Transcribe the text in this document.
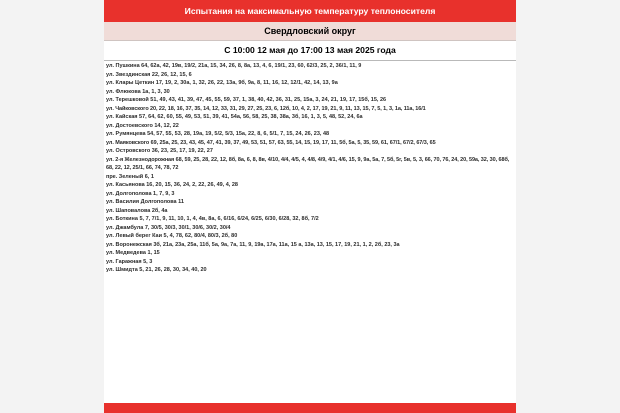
Испытания на максимальную температуру теплоносителя
Свердловский округ
С 10:00 12 мая до 17:00 13 мая 2025 года
ул. Пушкина 64, 62а, 42, 19в, 19/2, 21а, 15, 34, 26, 8, 8а, 13, 4, 6, 19/1, 23, 60, 62/3, 25, 2, 36/1, 11, 9
ул. Звездинская 22, 26, 12, 15, 6
ул. Клары Цеткин 17, 19, 2, 30а, 1, 32, 26, 22, 13а, 9б, 9а, 8, 11, 16, 12, 12/1, 42, 14, 13, 9а
ул. Флюкова 1а, 1, 3, 30
ул. Терешковой 51, 49, 43, 41, 39, 47, 45, 55, 59, 37, 1, 38, 40, 42, 36, 31, 25, 15а, 3, 24, 21, 19, 17, 15б, 15, 26
ул. Чайковского 20, 22, 18, 16, 37, 35, 14, 12, 33, 31, 29, 27, 25, 23, 6, 12б, 10, 4, 2, 17, 19, 21, 9, 11, 13, 15, 7, 5, 1, 3, 1а, 11а, 16/1
ул. Кайская 57, 64, 62, 60, 55, 49, 53, 51, 39, 41, 54а, 56, 58, 25, 38, 38а, 3б, 16, 1, 3, 5, 48, 52, 24, 6а
ул. Достоевского 14, 12, 22
ул. Румянцева 54, 57, 55, 53, 28, 19а, 19, 5/2, 5/3, 15а, 22, 8, 6, 5/1, 7, 15, 24, 26, 23, 48
ул. Маяковского 69, 25а, 25, 23, 43, 45, 47, 41, 39, 37, 49, 53, 51, 57, 63, 55, 14, 15, 19, 17, 11, 5б, 5а, 5, 35, 59, 61, 67/1, 67/2, 67/3, 65
ул. Островского 36, 23, 25, 17, 19, 22, 27
ул. 2-я Железнодорожная 68, 59, 25, 28, 22, 12, 8б, 8а, 6, 8, 8в, 4/10, 4/4, 4/5, 4, 4/8, 4/9, 4/1, 4/6, 15, 9, 9а, 5а, 7, 5б, 5г, 5в, 5, 3, 66, 70, 76, 24, 20, 59а, 32, 30, 68б, 68, 22, 12, 25/1, 66, 74, 78, 72
пре. Зеленый 6, 1
ул. Касьянова 16, 20, 15, 36, 24, 2, 22, 26, 49, 4, 28
ул. Долгополова 1, 7, 9, 3
ул. Василия Долгополова 11
ул. Шаповалова 2б, 4а
ул. Боткина 5, 7, 7/1, 9, 11, 10, 1, 4, 4в, 8а, 6, 6/16, 6/24, 6/25, 6/30, 6/28, 32, 8б, 7/2
ул. Джамбула 7, 30/5, 30/3, 30/1, 30/6, 30/2, 30/4
ул. Левый берег Каи 5, 4, 78, 62, 80/4, 80/3, 2б, 80
ул. Воронежская 3б, 21а, 23а, 25а, 11б, 5а, 9а, 7а, 11, 9, 19а, 17а, 11а, 15 а, 13а, 13, 15, 17, 19, 21, 1, 2, 2б, 23, 3а
ул. Медведева 1, 15
ул. Гаражная 5, 3
ул. Шмидта 5, 21, 26, 28, 30, 34, 40, 20
